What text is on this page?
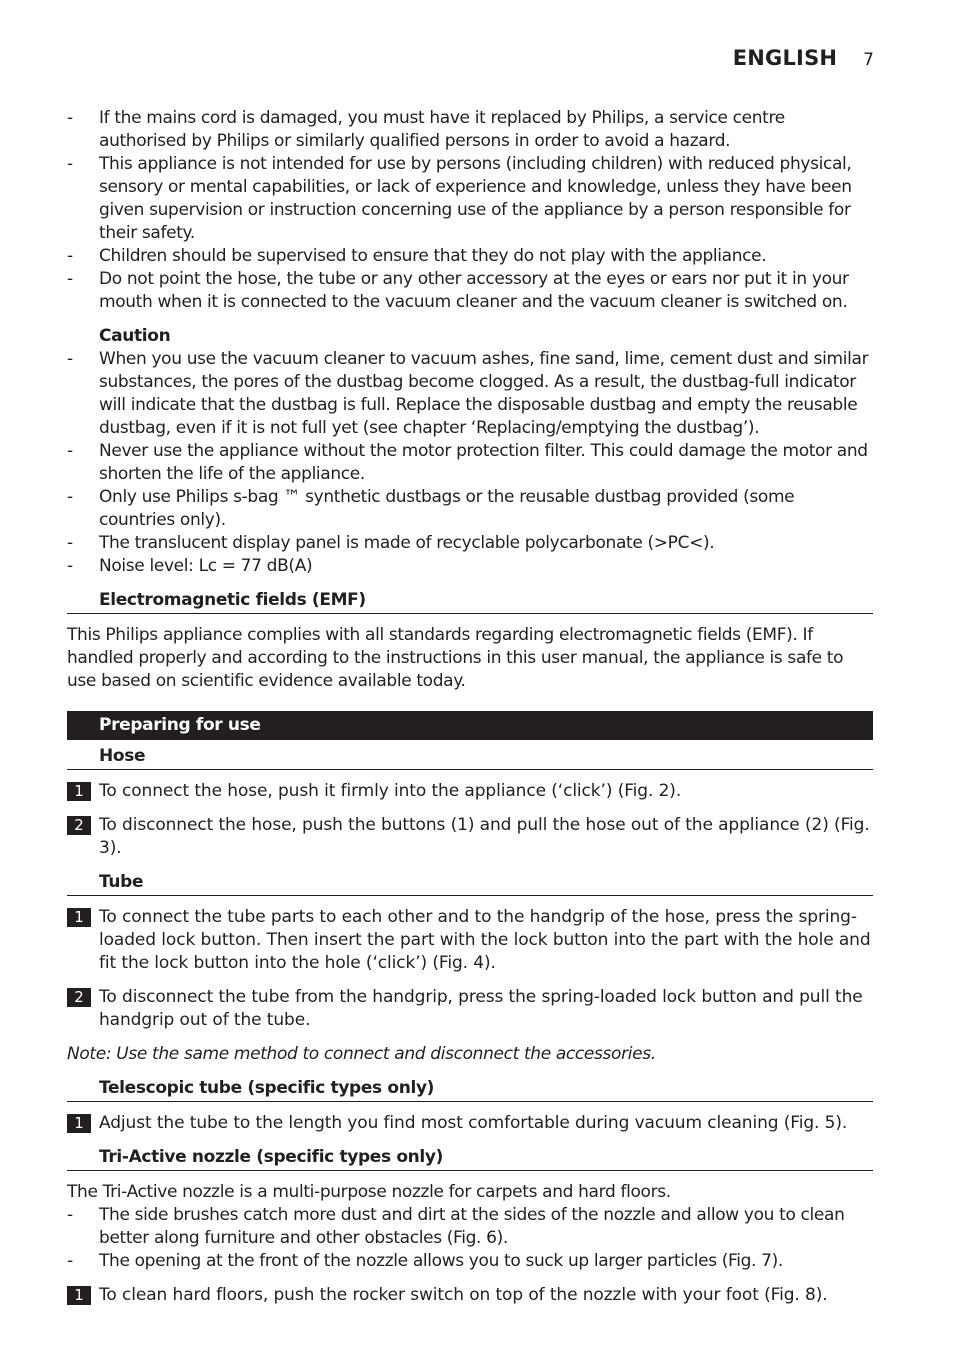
ENGLISH 7
- If the mains cord is damaged, you must have it replaced by Philips, a service centre authorised by Philips or similarly qualified persons in order to avoid a hazard.
- This appliance is not intended for use by persons (including children) with reduced physical, sensory or mental capabilities, or lack of experience and knowledge, unless they have been given supervision or instruction concerning use of the appliance by a person responsible for their safety.
- Children should be supervised to ensure that they do not play with the appliance.
- Do not point the hose, the tube or any other accessory at the eyes or ears nor put it in your mouth when it is connected to the vacuum cleaner and the vacuum cleaner is switched on.
Caution
- When you use the vacuum cleaner to vacuum ashes, fine sand, lime, cement dust and similar substances, the pores of the dustbag become clogged. As a result, the dustbag-full indicator will indicate that the dustbag is full. Replace the disposable dustbag and empty the reusable dustbag, even if it is not full yet (see chapter ‘Replacing/emptying the dustbag’).
- Never use the appliance without the motor protection filter. This could damage the motor and shorten the life of the appliance.
- Only use Philips s-bag ™ synthetic dustbags or the reusable dustbag provided (some countries only).
- The translucent display panel is made of recyclable polycarbonate (>PC<).
- Noise level: Lc = 77 dB(A)
Electromagnetic fields (EMF)
This Philips appliance complies with all standards regarding electromagnetic fields (EMF). If handled properly and according to the instructions in this user manual, the appliance is safe to use based on scientific evidence available today.
Preparing for use
Hose
1 To connect the hose, push it firmly into the appliance (‘click’) (Fig. 2).
2 To disconnect the hose, push the buttons (1) and pull the hose out of the appliance (2) (Fig. 3).
Tube
1 To connect the tube parts to each other and to the handgrip of the hose, press the spring-loaded lock button. Then insert the part with the lock button into the part with the hole and fit the lock button into the hole (‘click’) (Fig. 4).
2 To disconnect the tube from the handgrip, press the spring-loaded lock button and pull the handgrip out of the tube.
Note: Use the same method to connect and disconnect the accessories.
Telescopic tube (specific types only)
1 Adjust the tube to the length you find most comfortable during vacuum cleaning (Fig. 5).
Tri-Active nozzle (specific types only)
The Tri-Active nozzle is a multi-purpose nozzle for carpets and hard floors.
- The side brushes catch more dust and dirt at the sides of the nozzle and allow you to clean better along furniture and other obstacles (Fig. 6).
- The opening at the front of the nozzle allows you to suck up larger particles (Fig. 7).
1 To clean hard floors, push the rocker switch on top of the nozzle with your foot (Fig. 8).
